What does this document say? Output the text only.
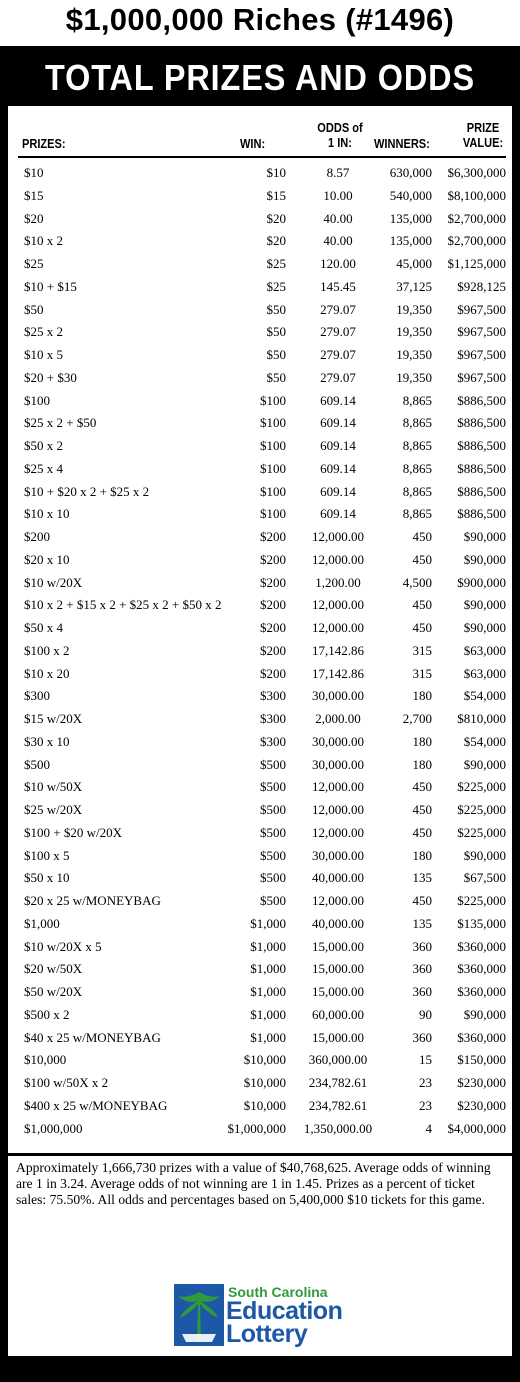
$1,000,000 Riches (#1496)
TOTAL PRIZES AND ODDS
PRIZES:	WIN:
ODDS of
1 IN:	WINNERS:
PRIZE
VALUE:
$10	$10	8.57	630,000 $6,300,000
$15	$15	10.00	540,000 $8,100,000
$20	$20	40.00	135,000 $2,700,000
$10 x 2	$20	40.00	135,000 $2,700,000
$25	$25	120.00	45,000 $1,125,000
$10 + $15	$25	145.45	37,125 $928,125
$50	$50	279.07	19,350 $967,500
$25 x 2	$50	279.07	19,350 $967,500
$10 x 5	$50	279.07	19,350 $967,500
$20 + $30	$50	279.07	19,350 $967,500
$100	$100	609.14	8,865 $886,500
$25 x 2 + $50	$100	609.14	8,865 $886,500
$50 x 2	$100	609.14	8,865 $886,500
$25 x 4	$100	609.14	8,865 $886,500
$10 + $20 x 2 + $25 x 2	$100	609.14	8,865 $886,500
$10 x 10	$100	609.14	8,865 $886,500
$200	$200	12,000.00	450 $90,000
$20 x 10	$200	12,000.00	450 $90,000
$10 w/20X	$200	1,200.00	4,500 $900,000
$10 x 2 + $15 x 2 + $25 x 2 + $50 x 2	$200	12,000.00	450 $90,000
$50 x 4	$200	12,000.00	450 $90,000
$100 x 2	$200	17,142.86	315 $63,000
$10 x 20	$200	17,142.86	315 $63,000
$300	$300	30,000.00	180 $54,000
$15 w/20X	$300	2,000.00	2,700 $810,000
$30 x 10	$300	30,000.00	180 $54,000
$500	$500	30,000.00	180 $90,000
$10 w/50X	$500	12,000.00	450 $225,000
$25 w/20X	$500	12,000.00	450 $225,000
$100 + $20 w/20X	$500	12,000.00	450 $225,000
$100 x 5	$500	30,000.00	180 $90,000
$50 x 10	$500	40,000.00	135 $67,500
$20 x 25 w/MONEYBAG	$500	12,000.00	450 $225,000
$1,000	$1,000	40,000.00	135 $135,000
$10 w/20X x 5	$1,000	15,000.00	360 $360,000
$20 w/50X	$1,000	15,000.00	360 $360,000
$50 w/20X	$1,000	15,000.00	360 $360,000
$500 x 2	$1,000	60,000.00	90 $90,000
$40 x 25 w/MONEYBAG	$1,000	15,000.00	360 $360,000
$10,000	$10,000	360,000.00	15 $150,000
$100 w/50X x 2	$10,000	234,782.61	23 $230,000
$400 x 25 w/MONEYBAG	$10,000	234,782.61	23 $230,000
$1,000,000	$1,000,000	1,350,000.00	4 $4,000,000
Approximately 1,666,730 prizes with a value of $40,768,625. Average odds of winning are 1 in 3.24. Average odds of not winning are 1 in 1.45. Prizes as a percent of ticket sales: 75.50%. All odds and percentages based on 5,400,000 $10 tickets for this game.
South Carolina
Education
Lottery
